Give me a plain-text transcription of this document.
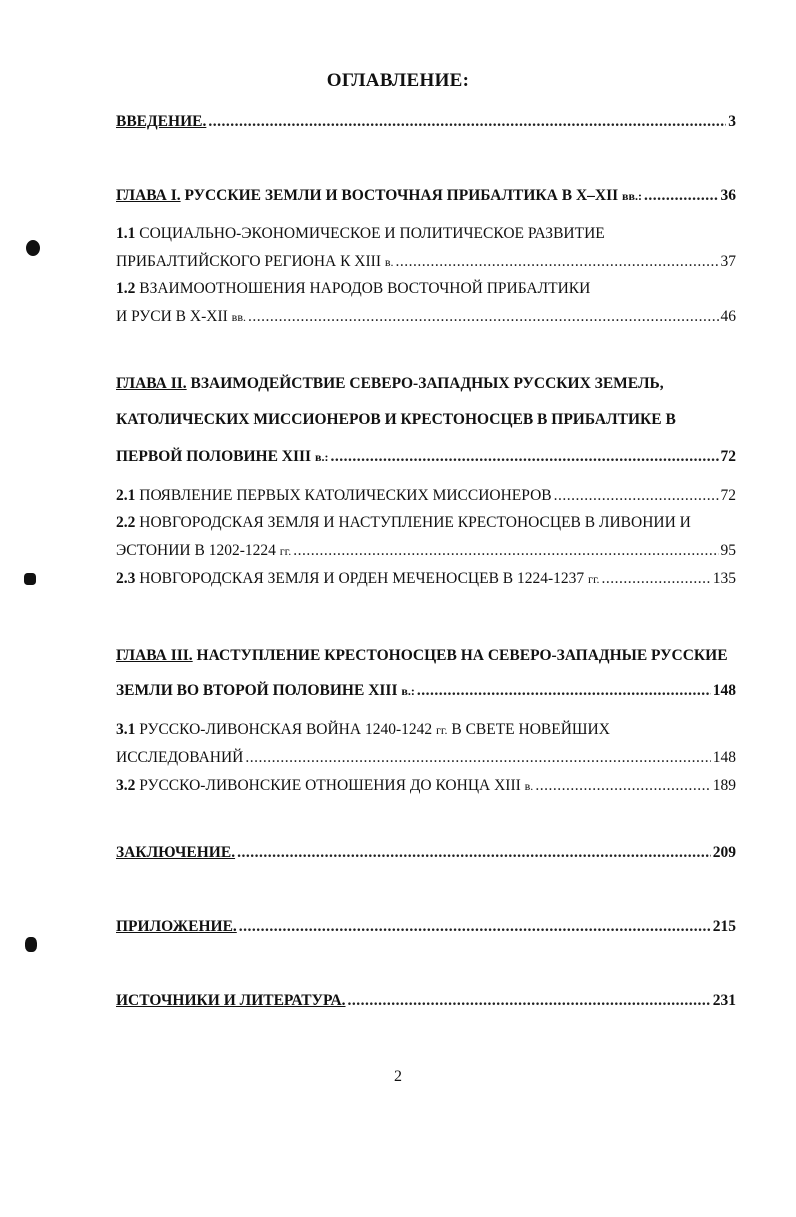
ОГЛАВЛЕНИЕ:
ВВЕДЕНИЕ. .....	3
ГЛАВА I. РУССКИЕ ЗЕМЛИ И ВОСТОЧНАЯ ПРИБАЛТИКА В X–XII вв.: .....	36
1.1 СОЦИАЛЬНО-ЭКОНОМИЧЕСКОЕ И ПОЛИТИЧЕСКОЕ РАЗВИТИЕ
ПРИБАЛТИЙСКОГО РЕГИОНА К XIII в. .....	37
1.2 ВЗАИМООТНОШЕНИЯ НАРОДОВ ВОСТОЧНОЙ ПРИБАЛТИКИ
И РУСИ В X-XII вв. .....	46
ГЛАВА II. ВЗАИМОДЕЙСТВИЕ СЕВЕРО-ЗАПАДНЫХ РУССКИХ ЗЕМЕЛЬ,
КАТОЛИЧЕСКИХ МИССИОНЕРОВ И КРЕСТОНОСЦЕВ В ПРИБАЛТИКЕ В
ПЕРВОЙ ПОЛОВИНЕ XIII в.: .....	72
2.1 ПОЯВЛЕНИЕ ПЕРВЫХ КАТОЛИЧЕСКИХ МИССИОНЕРОВ .....	72
2.2 НОВГОРОДСКАЯ ЗЕМЛЯ И НАСТУПЛЕНИЕ КРЕСТОНОСЦЕВ В ЛИВОНИИ И
ЭСТОНИИ В 1202-1224 гг. .....	95
2.3 НОВГОРОДСКАЯ ЗЕМЛЯ И ОРДЕН МЕЧЕНОСЦЕВ В 1224-1237 гг. .....	135
ГЛАВА III. НАСТУПЛЕНИЕ КРЕСТОНОСЦЕВ НА СЕВЕРО-ЗАПАДНЫЕ РУССКИЕ
ЗЕМЛИ ВО ВТОРОЙ ПОЛОВИНЕ XIII в.: .....	148
3.1 РУССКО-ЛИВОНСКАЯ ВОЙНА 1240-1242 гг. В СВЕТЕ НОВЕЙШИХ
ИССЛЕДОВАНИЙ .....	148
3.2 РУССКО-ЛИВОНСКИЕ ОТНОШЕНИЯ ДО КОНЦА XIII в. .....	189
ЗАКЛЮЧЕНИЕ. .....	209
ПРИЛОЖЕНИЕ. .....	215
ИСТОЧНИКИ И ЛИТЕРАТУРА. .....	231
2
